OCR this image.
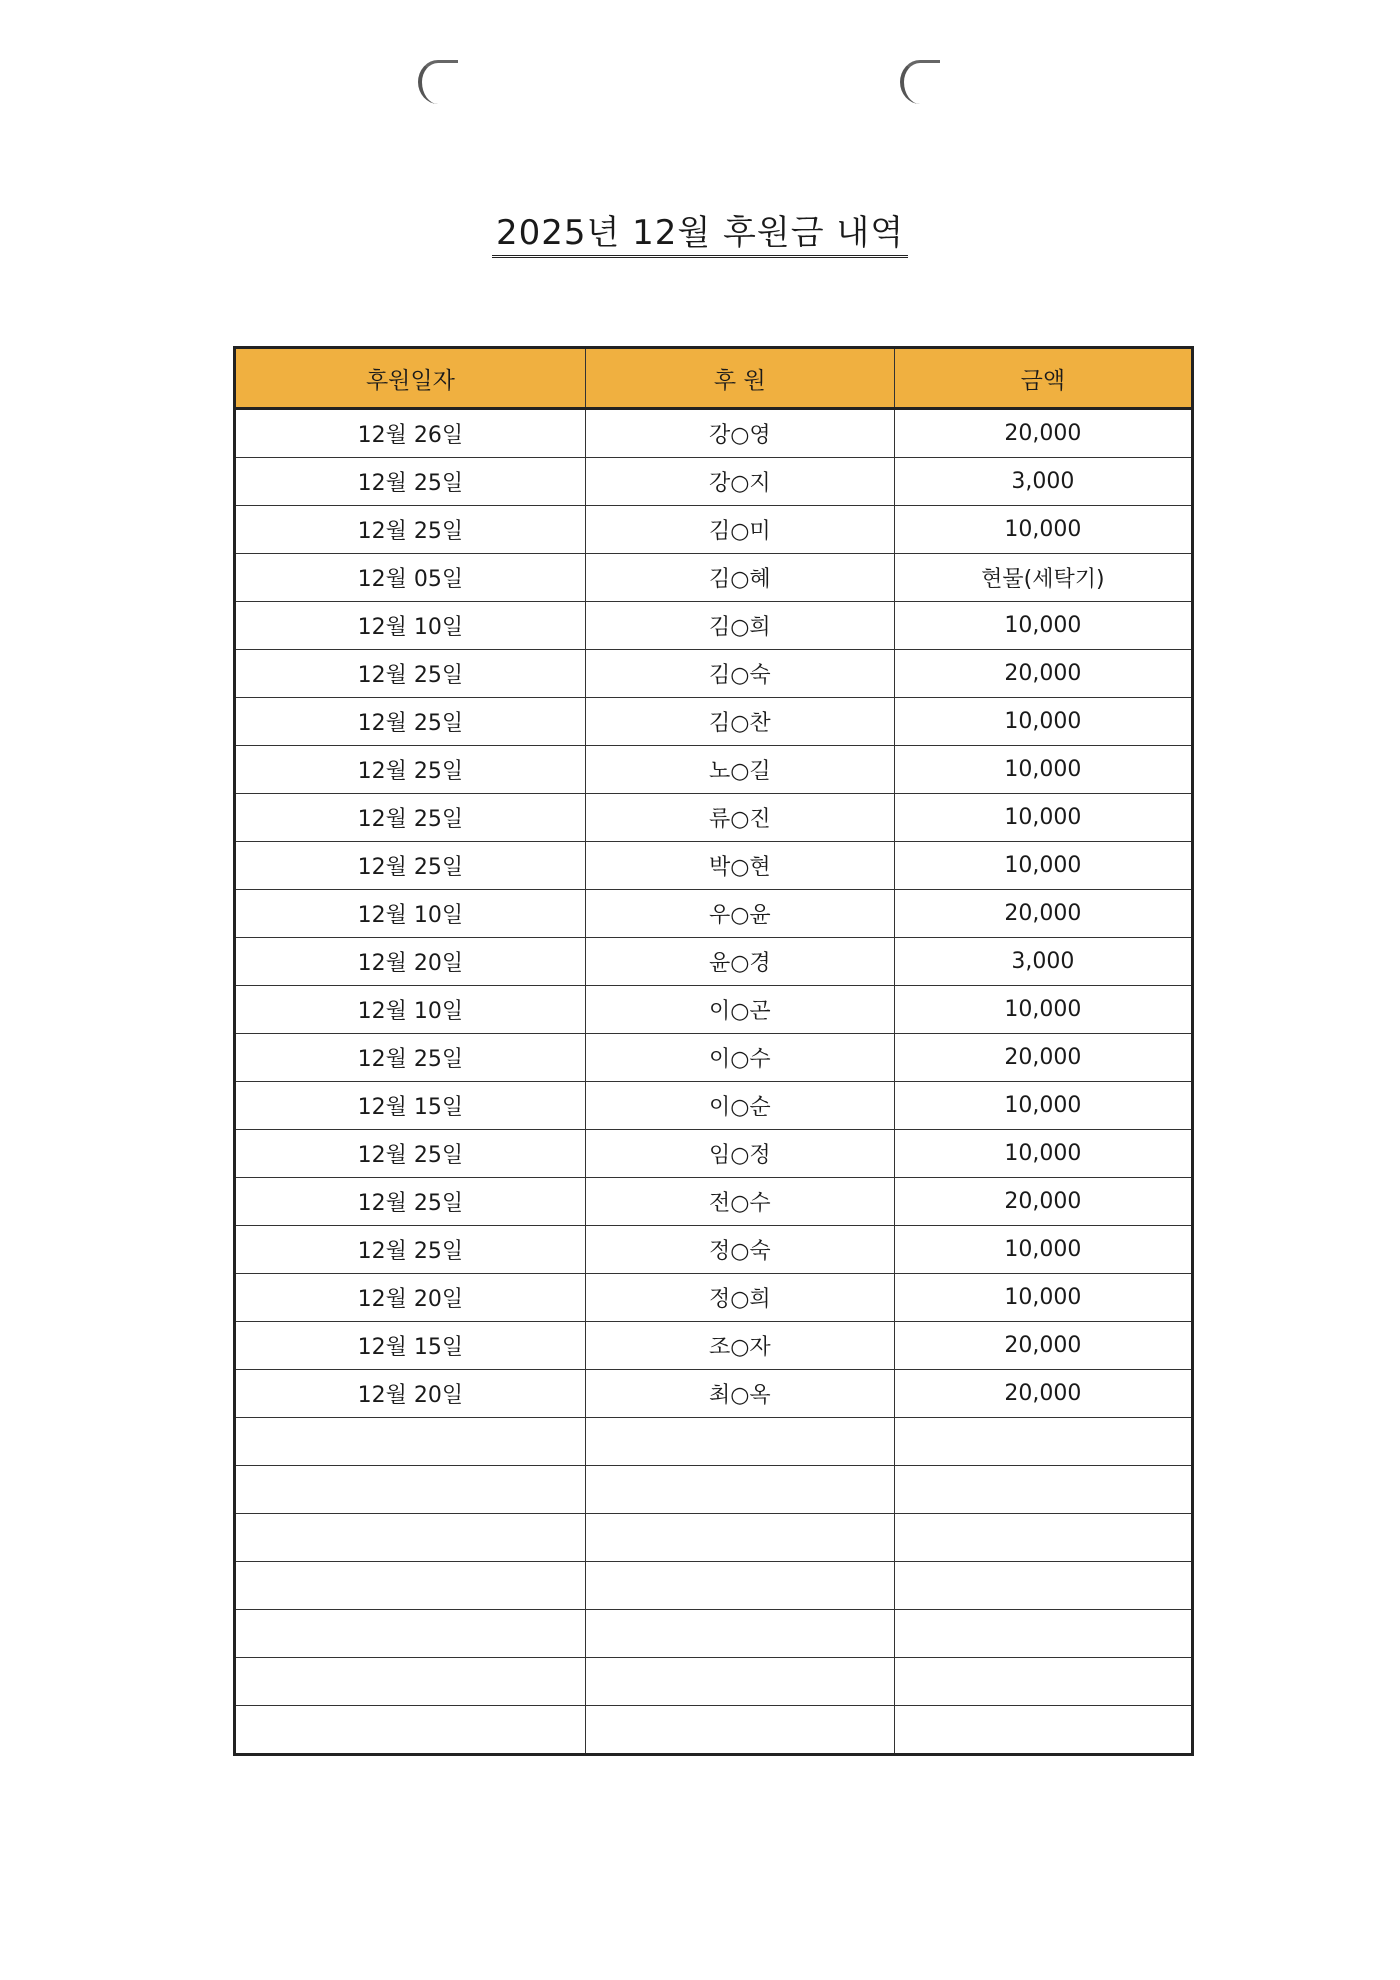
2025년 12월 후원금 내역
후원일자	후 원	금액
12월 26일	강○영	20,000
12월 25일	강○지	3,000
12월 25일	김○미	10,000
12월 05일	김○혜	현물(세탁기)
12월 10일	김○희	10,000
12월 25일	김○숙	20,000
12월 25일	김○찬	10,000
12월 25일	노○길	10,000
12월 25일	류○진	10,000
12월 25일	박○현	10,000
12월 10일	우○윤	20,000
12월 20일	윤○경	3,000
12월 10일	이○곤	10,000
12월 25일	이○수	20,000
12월 15일	이○순	10,000
12월 25일	임○정	10,000
12월 25일	전○수	20,000
12월 25일	정○숙	10,000
12월 20일	정○희	10,000
12월 15일	조○자	20,000
12월 20일	최○옥	20,000
